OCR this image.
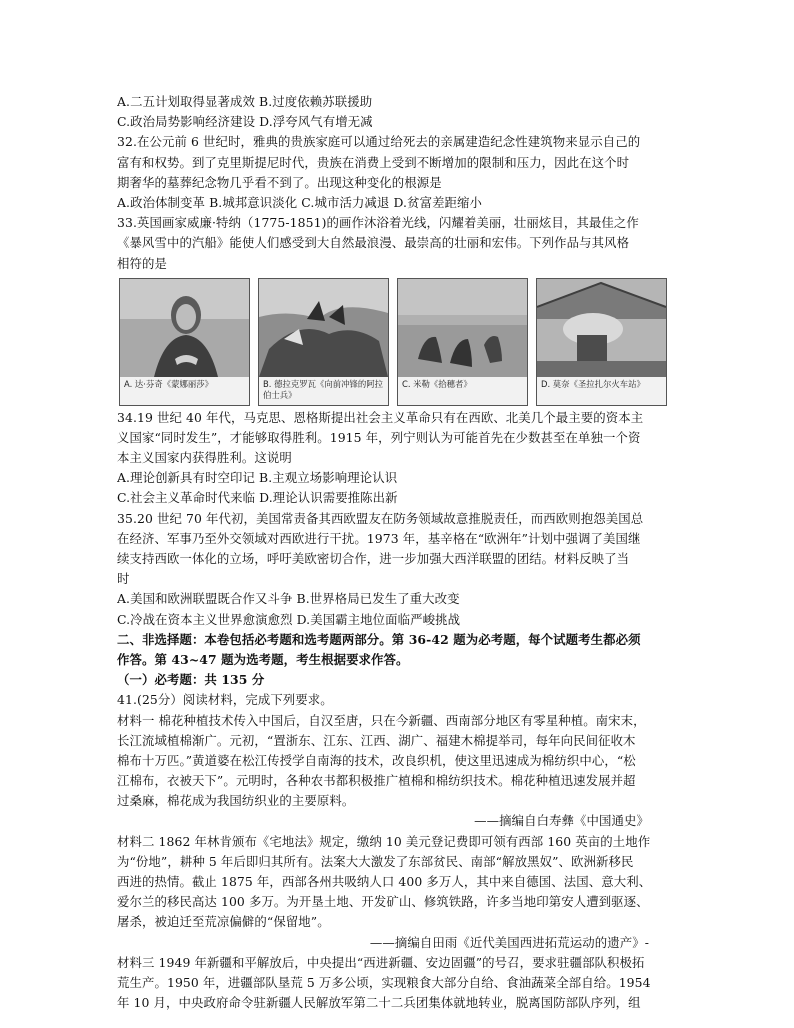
A.二五计划取得显著成效 B.过度依赖苏联援助
C.政治局势影响经济建设 D.浮夸风气有增无减
32.在公元前 6 世纪时，雅典的贵族家庭可以通过给死去的亲属建造纪念性建筑物来显示自己的
富有和权势。到了克里斯提尼时代，贵族在消费上受到不断增加的限制和压力，因此在这个时
期奢华的墓葬纪念物几乎看不到了。出现这种变化的根源是
A.政治体制变革 B.城邦意识淡化 C.城市活力减退 D.贫富差距缩小
33.英国画家威廉·特纳（1775-1851)的画作沐浴着光线，闪耀着美丽，壮丽炫目，其最佳之作
《暴风雪中的汽船》能使人们感受到大自然最浪漫、最崇高的壮丽和宏伟。下列作品与其风格
相符的是
A. 达·芬奇《蒙娜丽莎》	B. 德拉克罗瓦《向前冲锋的阿拉伯士兵》
C. 米勒《拾穗者》	D. 莫奈《圣拉扎尔火车站》
34.19 世纪 40 年代，马克思、恩格斯提出社会主义革命只有在西欧、北美几个最主要的资本主
义国家“同时发生”，才能够取得胜利。1915 年，列宁则认为可能首先在少数甚至在单独一个资
本主义国家内获得胜利。这说明
A.理论创新具有时空印记 B.主观立场影响理论认识
C.社会主义革命时代来临 D.理论认识需要推陈出新
35.20 世纪 70 年代初，美国常责备其西欧盟友在防务领域故意推脱责任，而西欧则抱怨美国总
在经济、军事乃至外交领域对西欧进行干扰。1973 年，基辛格在“欧洲年”计划中强调了美国继
续支持西欧一体化的立场，呼吁美欧密切合作，进一步加强大西洋联盟的团结。材料反映了当
时
A.美国和欧洲联盟既合作又斗争 B.世界格局已发生了重大改变
C.冷战在资本主义世界愈演愈烈 D.美国霸主地位面临严峻挑战
二、非选择题：本卷包括必考题和选考题两部分。第 36-42 题为必考题，每个试题考生都必须
作答。第 43~47 题为选考题，考生根据要求作答。
（一）必考题：共 135 分
41.(25分）阅读材料，完成下列要求。
材料一 棉花种植技术传入中国后，自汉至唐，只在今新疆、西南部分地区有零星种植。南宋末，
长江流域植棉渐广。元初，“置浙东、江东、江西、湖广、福建木棉提举司，每年向民间征收木
棉布十万匹。”黄道婆在松江传授学自南海的技术，改良织机，使这里迅速成为棉纺织中心，“松
江棉布，衣被天下”。元明时，各种农书都积极推广植棉和棉纺织技术。棉花种植迅速发展并超
过桑麻，棉花成为我国纺织业的主要原料。
——摘编自白寿彝《中国通史》
材料二 1862 年林肯颁布《宅地法》规定，缴纳 10 美元登记费即可领有西部 160 英亩的土地作
为“份地”，耕种 5 年后即归其所有。法案大大激发了东部贫民、南部“解放黑奴”、欧洲新移民
西进的热情。截止 1875 年，西部各州共吸纳人口 400 多万人，其中来自德国、法国、意大利、
爱尔兰的移民高达 100 多万。为开垦土地、开发矿山、修筑铁路，许多当地印第安人遭到驱逐、
屠杀，被迫迁至荒凉偏僻的“保留地”。
——摘编自田雨《近代美国西进拓荒运动的遗产》-
材料三 1949 年新疆和平解放后，中央提出“西进新疆、安边固疆”的号召，要求驻疆部队积极拓
荒生产。1950 年，进疆部队垦荒 5 万多公顷，实现粮食大部分自给、食油蔬菜全部自给。1954
年 10 月，中央政府命令驻新疆人民解放军第二十二兵团集体就地转业，脱离国防部队序列，组
